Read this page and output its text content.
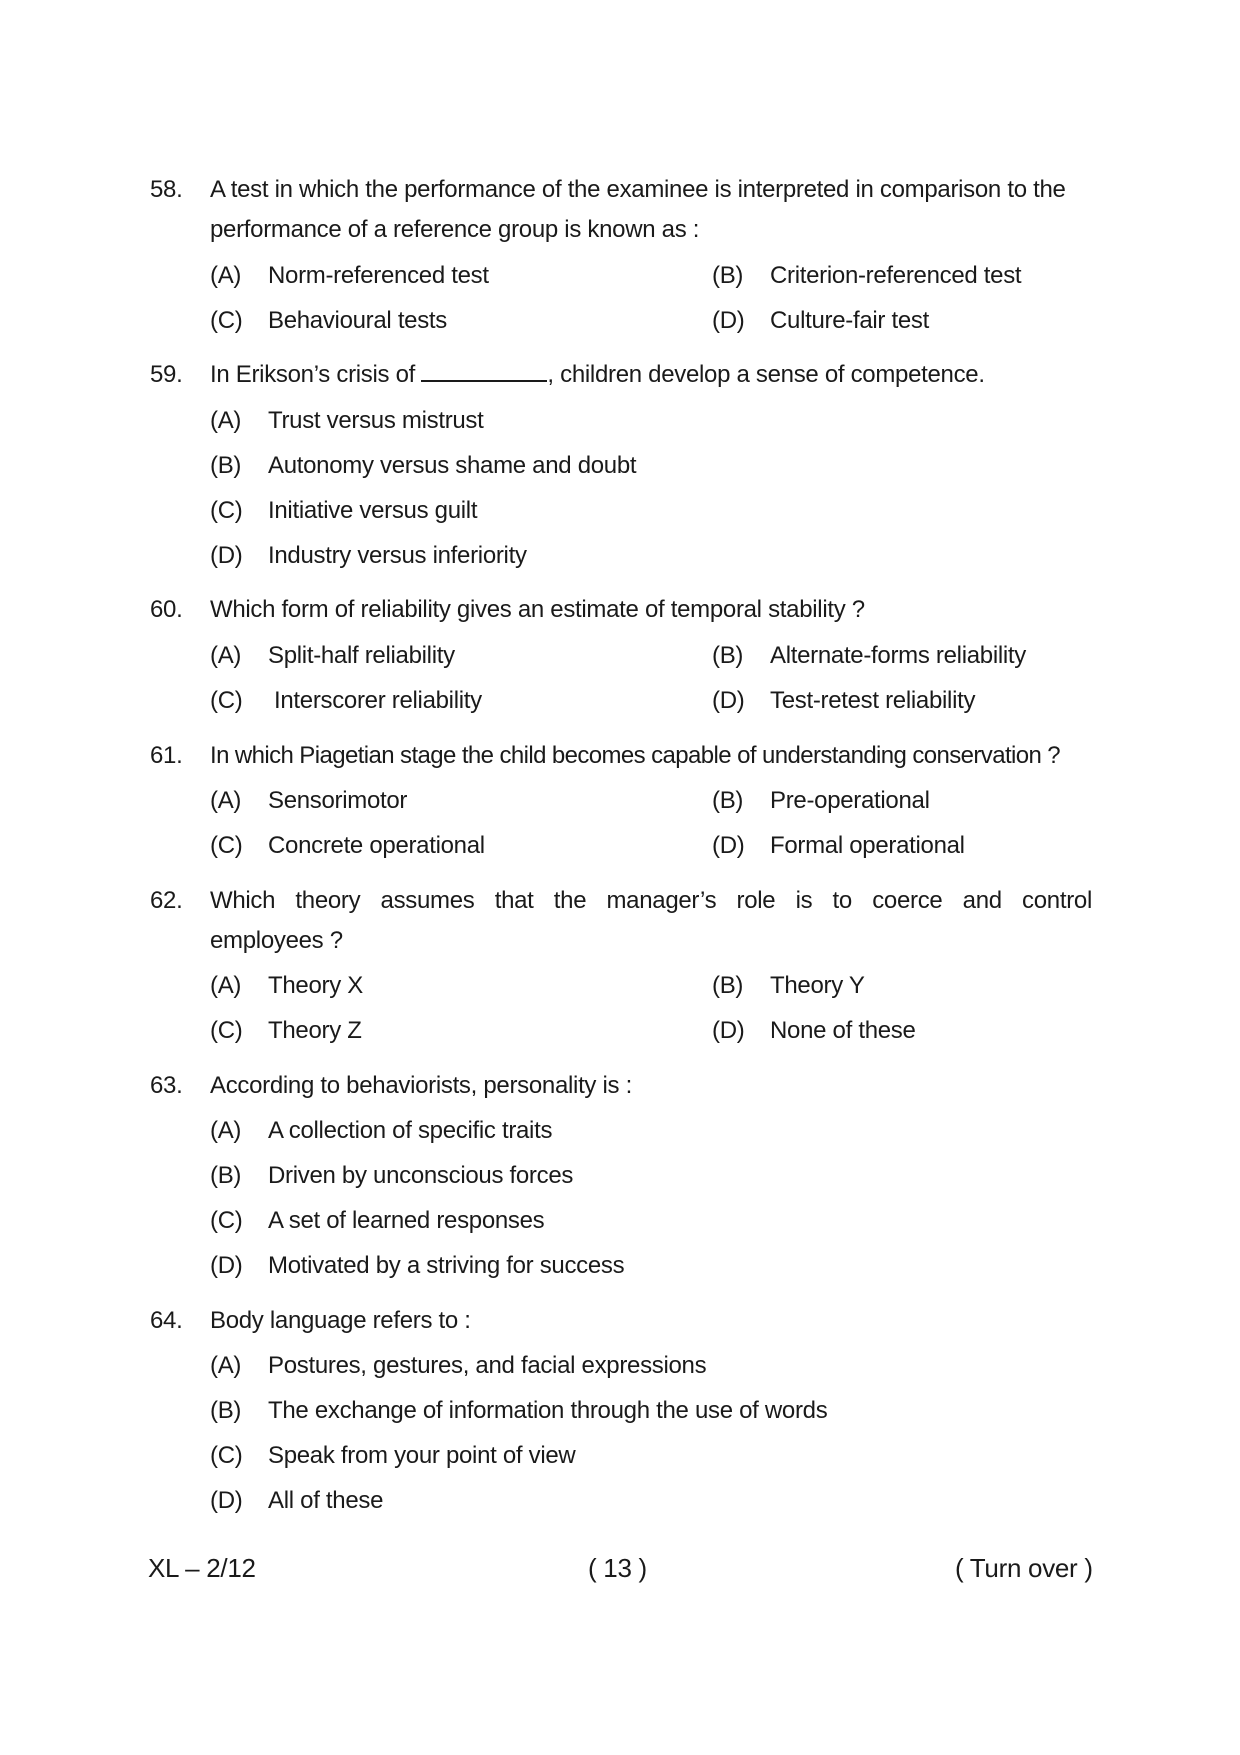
58. A test in which the performance of the examinee is interpreted in comparison to the
performance of a reference group is known as :
(A) Norm-referenced test	(B) Criterion-referenced test
(C) Behavioural tests	(D) Culture-fair test
59. In Erikson’s crisis of	, children develop a sense of competence.
(A) Trust versus mistrust
(B) Autonomy versus shame and doubt
(C) Initiative versus guilt
(D) Industry versus inferiority
60. Which form of reliability gives an estimate of temporal stability ?
(A) Split-half reliability	(B) Alternate-forms reliability
(C) Interscorer reliability	(D) Test-retest reliability
61. In which Piagetian stage the child becomes capable of understanding conservation ?
(A) Sensorimotor	(B) Pre-operational
(C) Concrete operational	(D) Formal operational
62. Which theory assumes that the manager’s role is to coerce and control
employees ?
(A) Theory X	(B) Theory Y
(C) Theory Z	(D) None of these
63. According to behaviorists, personality is :
(A) A collection of specific traits
(B) Driven by unconscious forces
(C) A set of learned responses
(D) Motivated by a striving for success
64. Body language refers to :
(A) Postures, gestures, and facial expressions
(B) The exchange of information through the use of words
(C) Speak from your point of view
(D) All of these
XL – 2/12	( 13 )	( Turn over )
